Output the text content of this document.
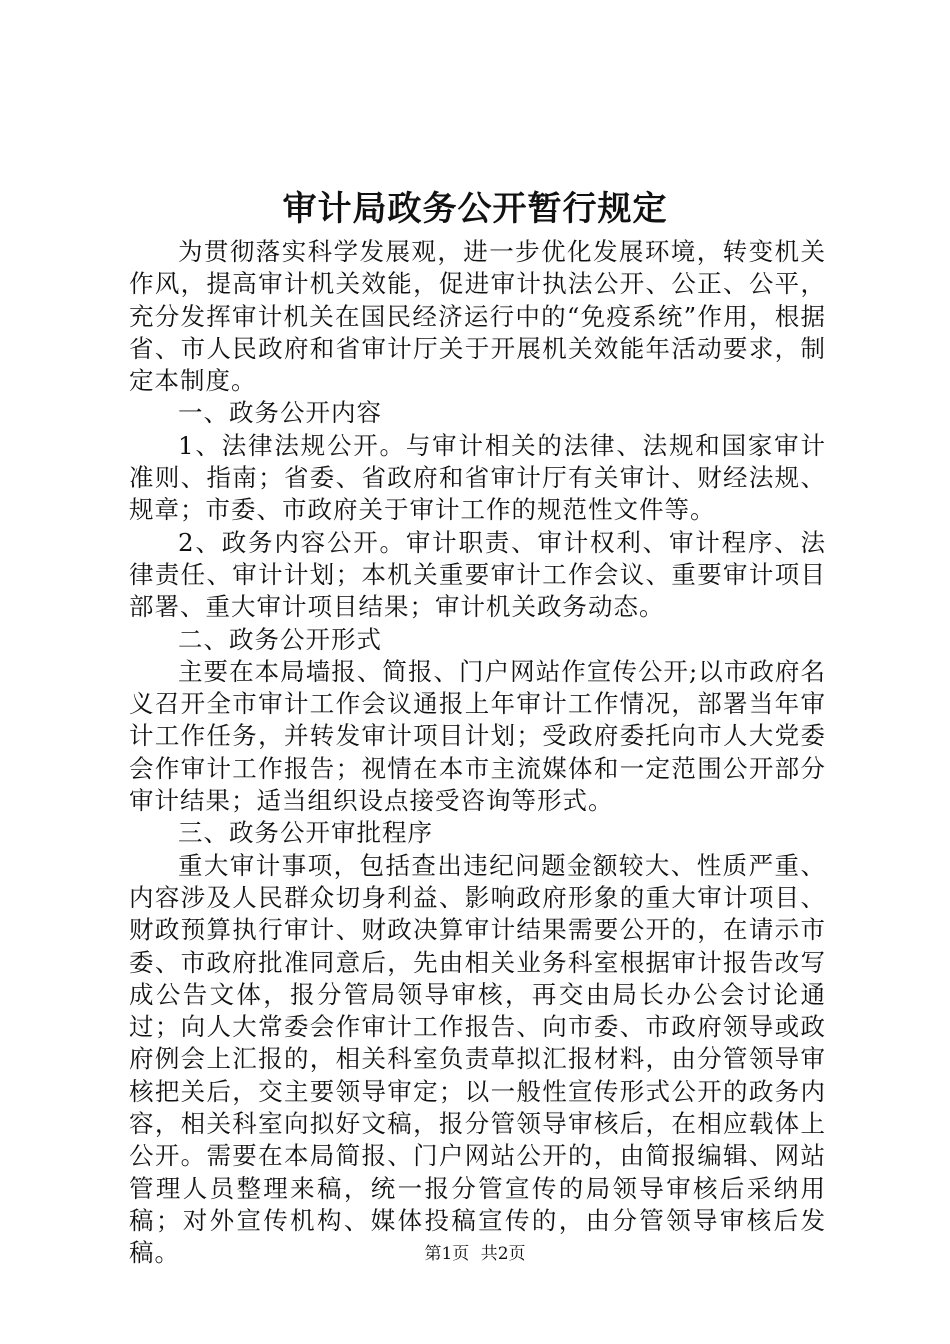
审计局政务公开暂行规定

为贯彻落实科学发展观，进一步优化发展环境，转变机关作风，提高审计机关效能，促进审计执法公开、公正、公平，充分发挥审计机关在国民经济运行中的“免疫系统”作用，根据省、市人民政府和省审计厅关于开展机关效能年活动要求，制定本制度。

一、政务公开内容

1、法律法规公开。与审计相关的法律、法规和国家审计准则、指南；省委、省政府和省审计厅有关审计、财经法规、规章；市委、市政府关于审计工作的规范性文件等。

2、政务内容公开。审计职责、审计权利、审计程序、法律责任、审计计划；本机关重要审计工作会议、重要审计项目部署、重大审计项目结果；审计机关政务动态。

二、政务公开形式

主要在本局墙报、简报、门户网站作宣传公开;以市政府名义召开全市审计工作会议通报上年审计工作情况，部署当年审计工作任务，并转发审计项目计划；受政府委托向市人大党委会作审计工作报告；视情在本市主流媒体和一定范围公开部分审计结果；适当组织设点接受咨询等形式。

三、政务公开审批程序

重大审计事项，包括查出违纪问题金额较大、性质严重、内容涉及人民群众切身利益、影响政府形象的重大审计项目、财政预算执行审计、财政决算审计结果需要公开的，在请示市委、市政府批准同意后，先由相关业务科室根据审计报告改写成公告文体，报分管局领导审核，再交由局长办公会讨论通过；向人大常委会作审计工作报告、向市委、市政府领导或政府例会上汇报的，相关科室负责草拟汇报材料，由分管领导审核把关后，交主要领导审定；以一般性宣传形式公开的政务内容，相关科室向拟好文稿，报分管领导审核后，在相应载体上公开。需要在本局简报、门户网站公开的，由简报编辑、网站管理人员整理来稿，统一报分管宣传的局领导审核后采纳用稿；对外宣传机构、媒体投稿宣传的，由分管领导审核后发稿。	第1页 共2页
